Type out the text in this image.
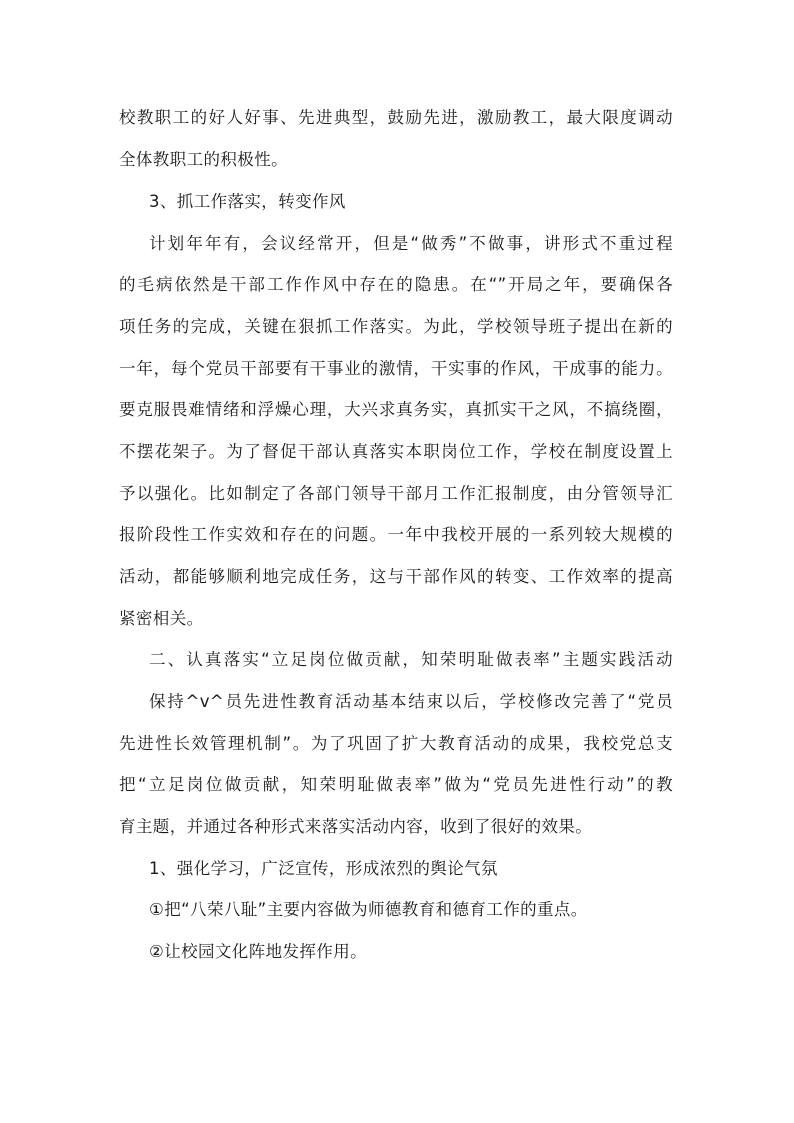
校教职工的好人好事、先进典型，鼓励先进，激励教工，最大限度调动
全体教职工的积极性。
3、抓工作落实，转变作风
计划年年有，会议经常开，但是“做秀”不做事，讲形式不重过程
的毛病依然是干部工作作风中存在的隐患。在“”开局之年，要确保各
项任务的完成，关键在狠抓工作落实。为此，学校领导班子提出在新的
一年，每个党员干部要有干事业的激情，干实事的作风，干成事的能力。
要克服畏难情绪和浮燥心理，大兴求真务实，真抓实干之风，不搞绕圈，
不摆花架子。为了督促干部认真落实本职岗位工作，学校在制度设置上
予以强化。比如制定了各部门领导干部月工作汇报制度，由分管领导汇
报阶段性工作实效和存在的问题。一年中我校开展的一系列较大规模的
活动，都能够顺利地完成任务，这与干部作风的转变、工作效率的提高
紧密相关。
二、认真落实“立足岗位做贡献，知荣明耻做表率”主题实践活动
保持^v^员先进性教育活动基本结束以后，学校修改完善了“党员
先进性长效管理机制”。为了巩固了扩大教育活动的成果，我校党总支
把“立足岗位做贡献，知荣明耻做表率”做为“党员先进性行动”的教
育主题，并通过各种形式来落实活动内容，收到了很好的效果。
1、强化学习，广泛宣传，形成浓烈的舆论气氛
①把“八荣八耻”主要内容做为师德教育和德育工作的重点。
②让校园文化阵地发挥作用。
